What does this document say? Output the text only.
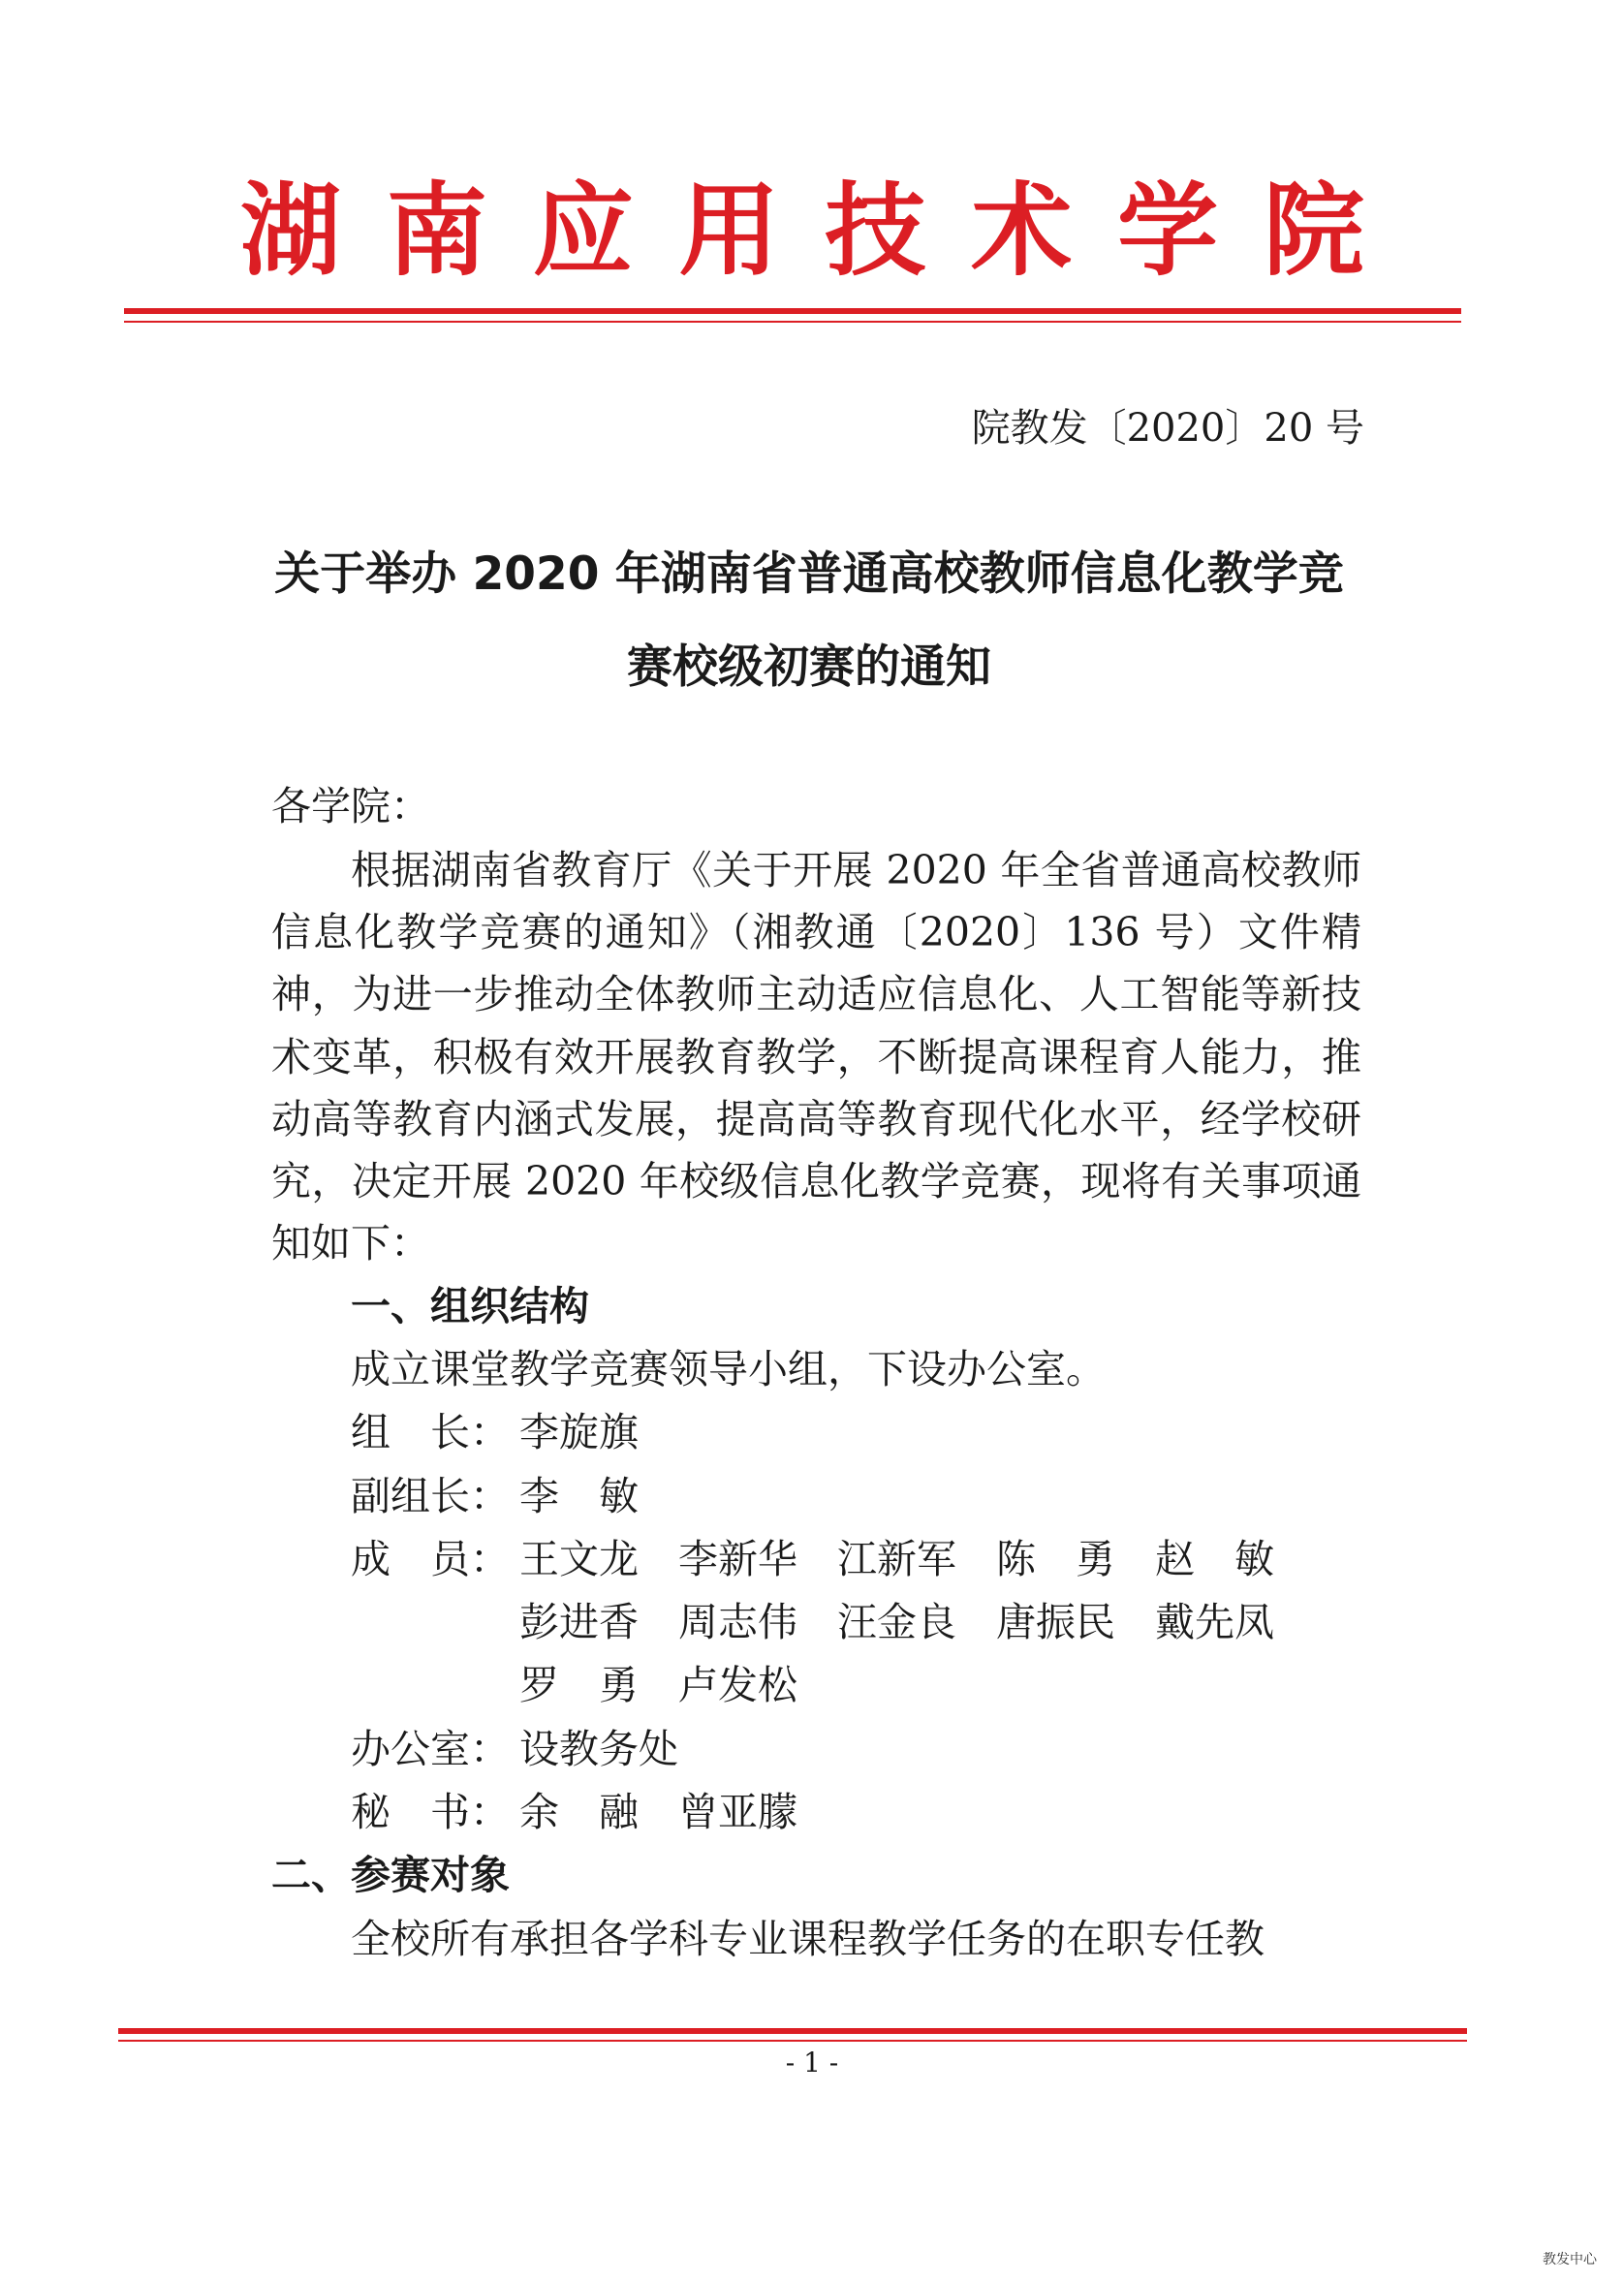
湖 南 应 用 技 术 学 院
院教发〔2020〕20 号
关于举办 2020 年湖南省普通高校教师信息化教学竞
赛校级初赛的通知
各学院：
根据湖南省教育厅《关于开展 2020 年全省普通高校教师信息化教学竞赛的通知》（湘教通〔2020〕136 号）文件精神，为进一步推动全体教师主动适应信息化、人工智能等新技术变革，积极有效开展教育教学，不断提高课程育人能力，推动高等教育内涵式发展，提高高等教育现代化水平，经学校研究，决定开展 2020 年校级信息化教学竞赛，现将有关事项通知如下：
一、组织结构
成立课堂教学竞赛领导小组，下设办公室。
组　长： 李旋旗
副组长： 李　敏
成　员： 王文龙　李新华　江新军　陈　勇　赵　敏
彭进香　周志伟　汪金良　唐振民　戴先凤
罗　勇　卢发松
办公室： 设教务处
秘　书： 余　融　曾亚朦
二、参赛对象
全校所有承担各学科专业课程教学任务的在职专任教
- 1 -
教发中心
